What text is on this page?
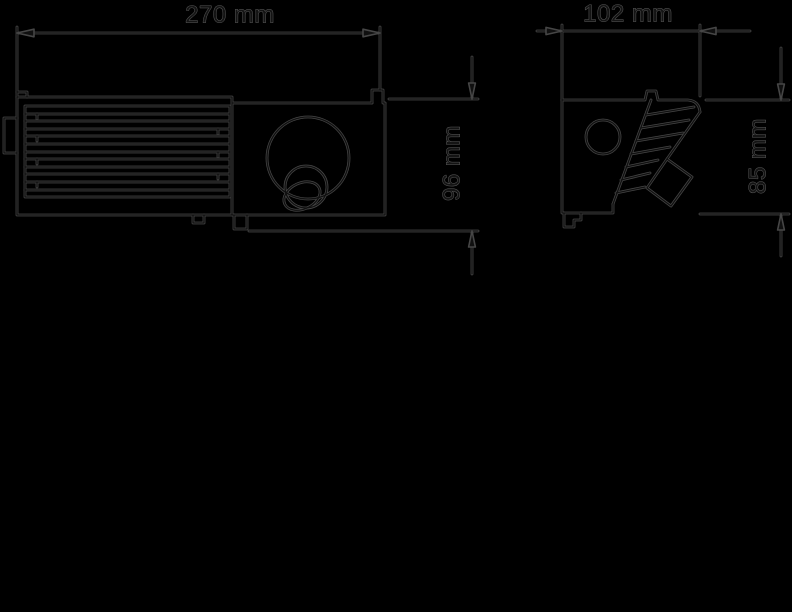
270 mm	102 mm
96 mm	85 mm
